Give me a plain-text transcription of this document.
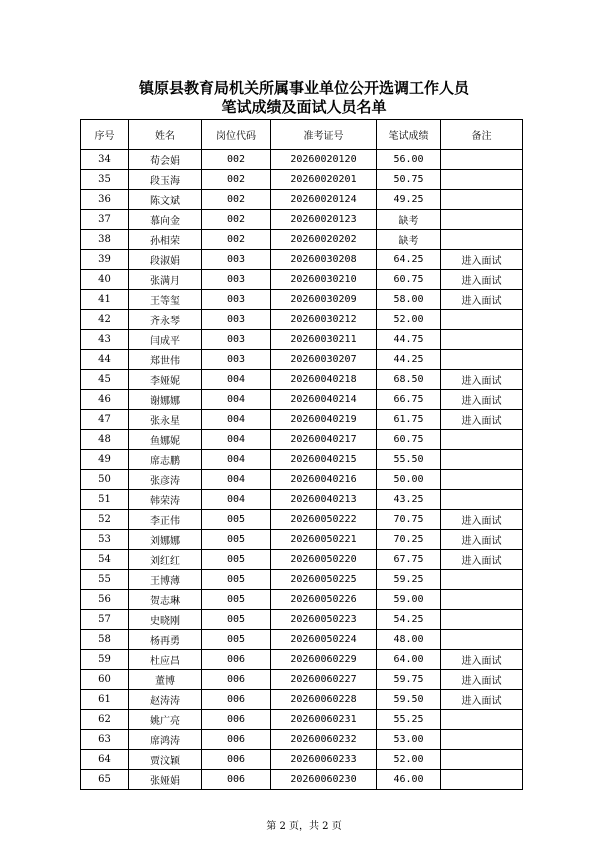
镇原县教育局机关所属事业单位公开选调工作人员
笔试成绩及面试人员名单
序号	姓名	岗位代码	准考证号	笔试成绩	备注
34	荀会娟	002	20260020120	56.00	
35	段玉海	002	20260020201	50.75	
36	陈文斌	002	20260020124	49.25	
37	慕向金	002	20260020123	缺考	
38	孙相荣	002	20260020202	缺考	
39	段淑娟	003	20260030208	64.25	进入面试
40	张满月	003	20260030210	60.75	进入面试
41	王等玺	003	20260030209	58.00	进入面试
42	齐永琴	003	20260030212	52.00	
43	闫成平	003	20260030211	44.75	
44	郑世伟	003	20260030207	44.25	
45	李娅妮	004	20260040218	68.50	进入面试
46	谢娜娜	004	20260040214	66.75	进入面试
47	张永星	004	20260040219	61.75	进入面试
48	鱼娜妮	004	20260040217	60.75	
49	席志鹏	004	20260040215	55.50	
50	张彦涛	004	20260040216	50.00	
51	韩荣涛	004	20260040213	43.25	
52	李正伟	005	20260050222	70.75	进入面试
53	刘娜娜	005	20260050221	70.25	进入面试
54	刘红红	005	20260050220	67.75	进入面试
55	王博薄	005	20260050225	59.25	
56	贺志琳	005	20260050226	59.00	
57	史晓刚	005	20260050223	54.25	
58	杨再勇	005	20260050224	48.00	
59	杜应昌	006	20260060229	64.00	进入面试
60	董博	006	20260060227	59.75	进入面试
61	赵涛涛	006	20260060228	59.50	进入面试
62	姚广亮	006	20260060231	55.25	
63	席鸿涛	006	20260060232	53.00	
64	贾汶颖	006	20260060233	52.00	
65	张娅娟	006	20260060230	46.00	
第 2 页，共 2 页
